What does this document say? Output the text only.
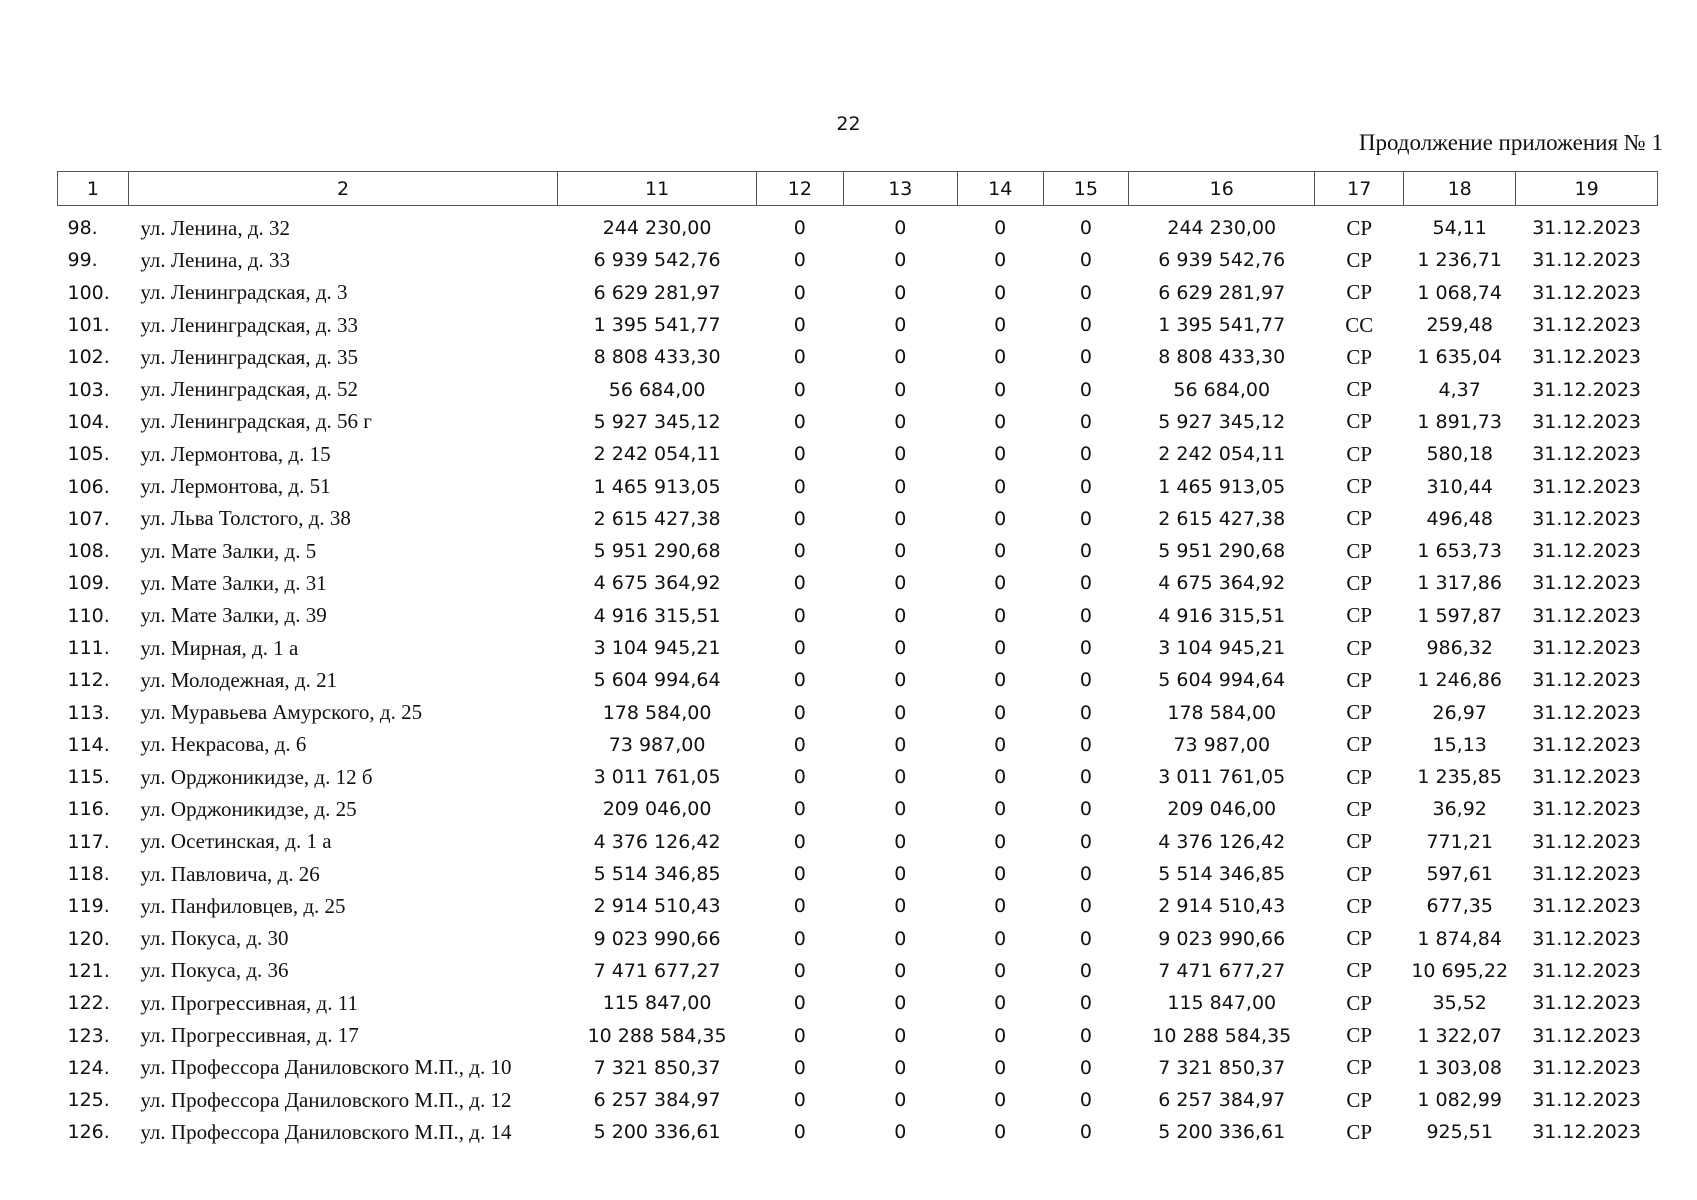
22
Продолжение приложения № 1
1	2	11	12	13	14	15	16	17	18	19
98.	ул. Ленина, д. 32	244 230,00	0	0	0	0	244 230,00	СР	54,11	31.12.2023
99.	ул. Ленина, д. 33	6 939 542,76	0	0	0	0	6 939 542,76	СР	1 236,71	31.12.2023
100.	ул. Ленинградская, д. 3	6 629 281,97	0	0	0	0	6 629 281,97	СР	1 068,74	31.12.2023
101.	ул. Ленинградская, д. 33	1 395 541,77	0	0	0	0	1 395 541,77	СС	259,48	31.12.2023
102.	ул. Ленинградская, д. 35	8 808 433,30	0	0	0	0	8 808 433,30	СР	1 635,04	31.12.2023
103.	ул. Ленинградская, д. 52	56 684,00	0	0	0	0	56 684,00	СР	4,37	31.12.2023
104.	ул. Ленинградская, д. 56 г	5 927 345,12	0	0	0	0	5 927 345,12	СР	1 891,73	31.12.2023
105.	ул. Лермонтова, д. 15	2 242 054,11	0	0	0	0	2 242 054,11	СР	580,18	31.12.2023
106.	ул. Лермонтова, д. 51	1 465 913,05	0	0	0	0	1 465 913,05	СР	310,44	31.12.2023
107.	ул. Льва Толстого, д. 38	2 615 427,38	0	0	0	0	2 615 427,38	СР	496,48	31.12.2023
108.	ул. Мате Залки, д. 5	5 951 290,68	0	0	0	0	5 951 290,68	СР	1 653,73	31.12.2023
109.	ул. Мате Залки, д. 31	4 675 364,92	0	0	0	0	4 675 364,92	СР	1 317,86	31.12.2023
110.	ул. Мате Залки, д. 39	4 916 315,51	0	0	0	0	4 916 315,51	СР	1 597,87	31.12.2023
111.	ул. Мирная, д. 1 а	3 104 945,21	0	0	0	0	3 104 945,21	СР	986,32	31.12.2023
112.	ул. Молодежная, д. 21	5 604 994,64	0	0	0	0	5 604 994,64	СР	1 246,86	31.12.2023
113.	ул. Муравьева Амурского, д. 25	178 584,00	0	0	0	0	178 584,00	СР	26,97	31.12.2023
114.	ул. Некрасова, д. 6	73 987,00	0	0	0	0	73 987,00	СР	15,13	31.12.2023
115.	ул. Орджоникидзе, д. 12 б	3 011 761,05	0	0	0	0	3 011 761,05	СР	1 235,85	31.12.2023
116.	ул. Орджоникидзе, д. 25	209 046,00	0	0	0	0	209 046,00	СР	36,92	31.12.2023
117.	ул. Осетинская, д. 1 а	4 376 126,42	0	0	0	0	4 376 126,42	СР	771,21	31.12.2023
118.	ул. Павловича, д. 26	5 514 346,85	0	0	0	0	5 514 346,85	СР	597,61	31.12.2023
119.	ул. Панфиловцев, д. 25	2 914 510,43	0	0	0	0	2 914 510,43	СР	677,35	31.12.2023
120.	ул. Покуса, д. 30	9 023 990,66	0	0	0	0	9 023 990,66	СР	1 874,84	31.12.2023
121.	ул. Покуса, д. 36	7 471 677,27	0	0	0	0	7 471 677,27	СР	10 695,22	31.12.2023
122.	ул. Прогрессивная, д. 11	115 847,00	0	0	0	0	115 847,00	СР	35,52	31.12.2023
123.	ул. Прогрессивная, д. 17	10 288 584,35	0	0	0	0	10 288 584,35	СР	1 322,07	31.12.2023
124.	ул. Профессора Даниловского М.П., д. 10	7 321 850,37	0	0	0	0	7 321 850,37	СР	1 303,08	31.12.2023
125.	ул. Профессора Даниловского М.П., д. 12	6 257 384,97	0	0	0	0	6 257 384,97	СР	1 082,99	31.12.2023
126.	ул. Профессора Даниловского М.П., д. 14	5 200 336,61	0	0	0	0	5 200 336,61	СР	925,51	31.12.2023
